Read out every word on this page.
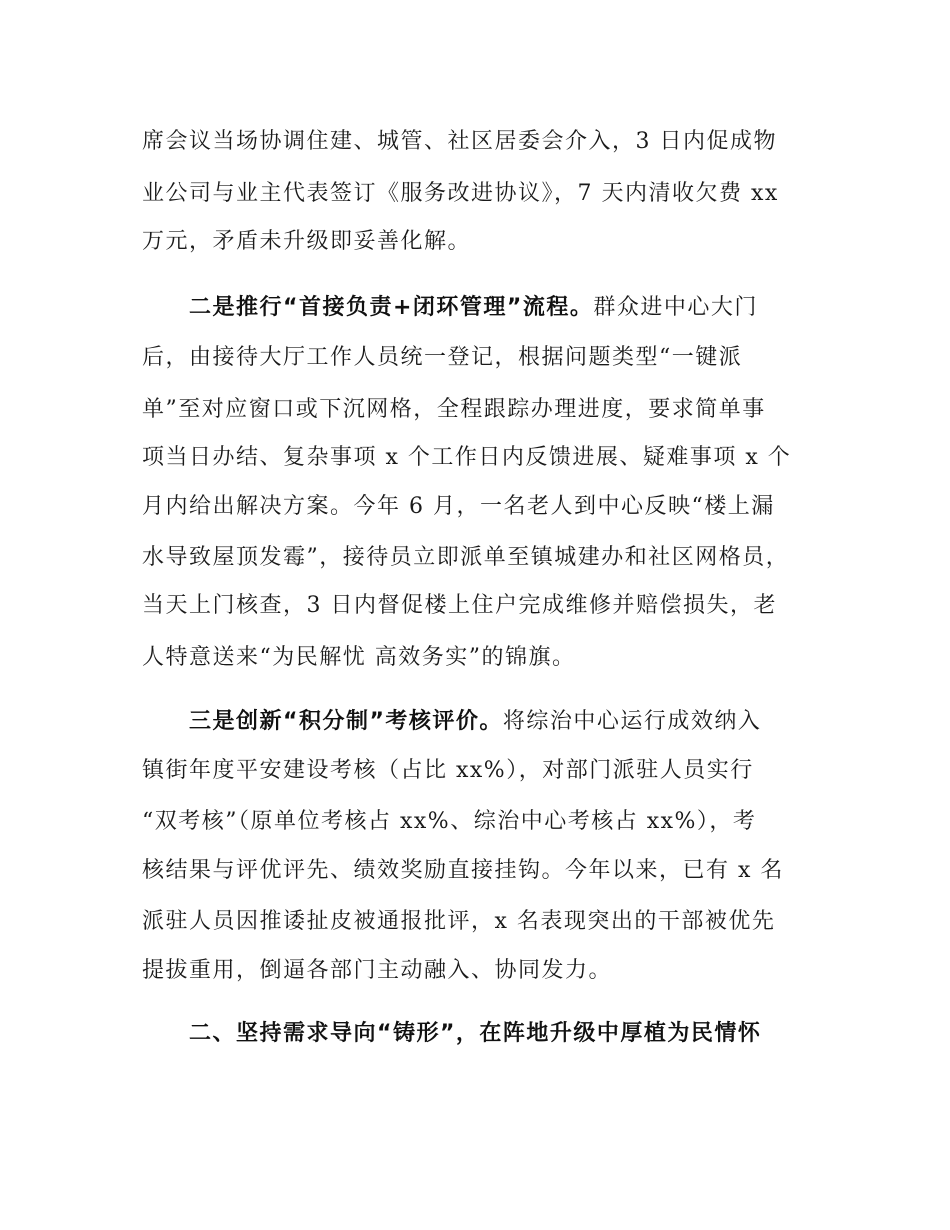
席会议当场协调住建、城管、社区居委会介入，3 日内促成物
业公司与业主代表签订《服务改进协议》，7 天内清收欠费 xx
万元，矛盾未升级即妥善化解。
二是推行“首接负责+闭环管理”流程。群众进中心大门
后，由接待大厅工作人员统一登记，根据问题类型“一键派
单”至对应窗口或下沉网格，全程跟踪办理进度，要求简单事
项当日办结、复杂事项 x 个工作日内反馈进展、疑难事项 x 个
月内给出解决方案。今年 6 月，一名老人到中心反映“楼上漏
水导致屋顶发霉”，接待员立即派单至镇城建办和社区网格员，
当天上门核查，3 日内督促楼上住户完成维修并赔偿损失，老
人特意送来“为民解忧 高效务实”的锦旗。
三是创新“积分制”考核评价。将综治中心运行成效纳入
镇街年度平安建设考核（占比 xx%），对部门派驻人员实行
“双考核”（原单位考核占 xx%、综治中心考核占 xx%），考
核结果与评优评先、绩效奖励直接挂钩。今年以来，已有 x 名
派驻人员因推诿扯皮被通报批评，x 名表现突出的干部被优先
提拔重用，倒逼各部门主动融入、协同发力。
二、坚持需求导向“铸形”，在阵地升级中厚植为民情怀
